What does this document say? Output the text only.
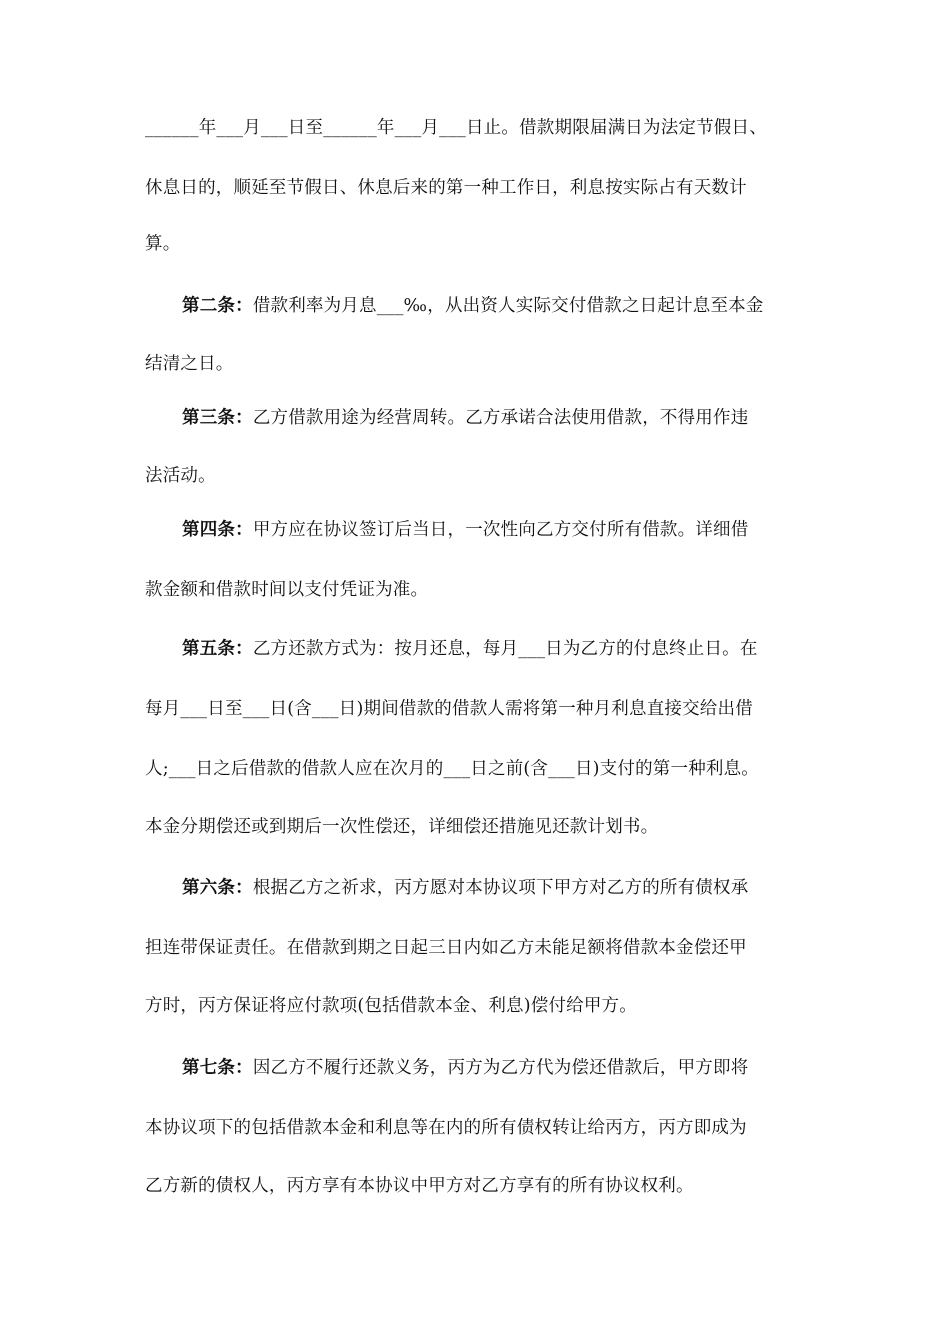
______年___月___日至______年___月___日止。借款期限届满日为法定节假日、
休息日的，顺延至节假日、休息后来的第一种工作日，利息按实际占有天数计
算。
第二条：借款利率为月息___‰，从出资人实际交付借款之日起计息至本金
结清之日。
第三条：乙方借款用途为经营周转。乙方承诺合法使用借款，不得用作违
法活动。
第四条：甲方应在协议签订后当日，一次性向乙方交付所有借款。详细借
款金额和借款时间以支付凭证为准。
第五条：乙方还款方式为：按月还息，每月___日为乙方的付息终止日。在
每月___日至___日(含___日)期间借款的借款人需将第一种月利息直接交给出借
人;___日之后借款的借款人应在次月的___日之前(含___日)支付的第一种利息。
本金分期偿还或到期后一次性偿还，详细偿还措施见还款计划书。
第六条：根据乙方之祈求，丙方愿对本协议项下甲方对乙方的所有债权承
担连带保证责任。在借款到期之日起三日内如乙方未能足额将借款本金偿还甲
方时，丙方保证将应付款项(包括借款本金、利息)偿付给甲方。
第七条：因乙方不履行还款义务，丙方为乙方代为偿还借款后，甲方即将
本协议项下的包括借款本金和利息等在内的所有债权转让给丙方，丙方即成为
乙方新的债权人，丙方享有本协议中甲方对乙方享有的所有协议权利。
